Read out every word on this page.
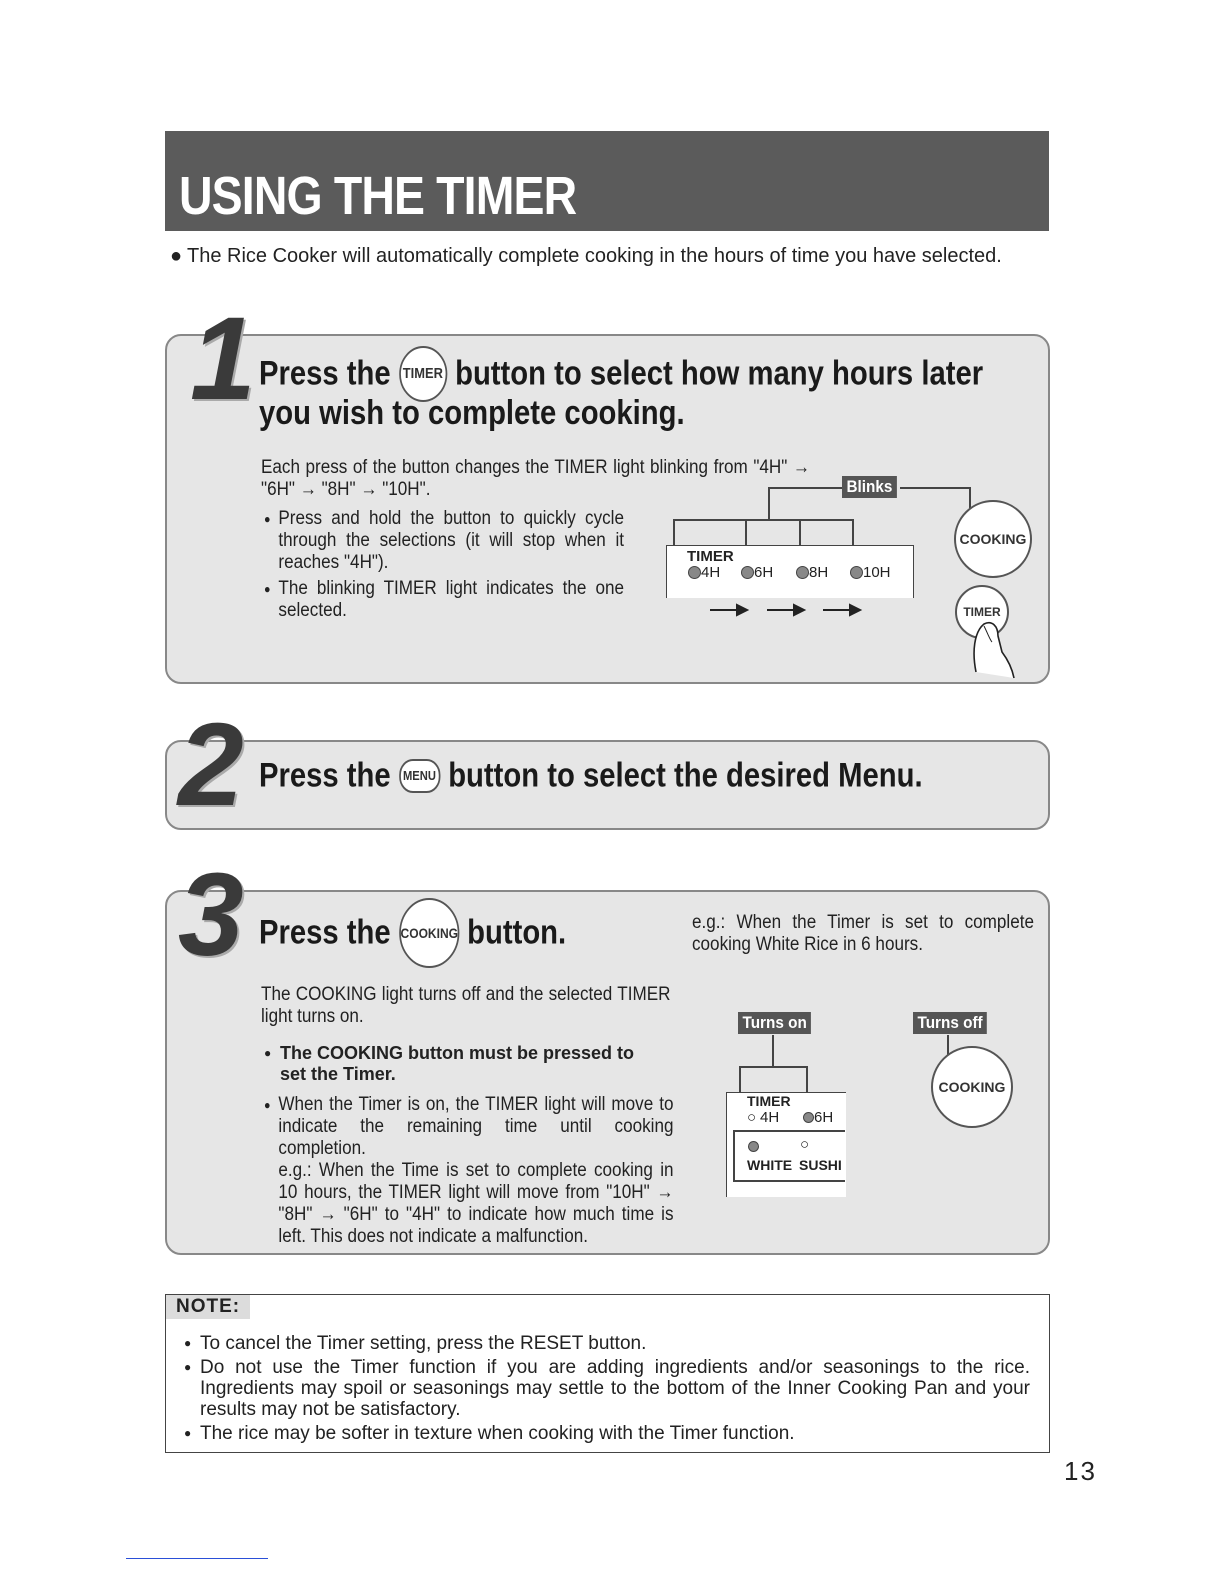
USING THE TIMER
● The Rice Cooker will automatically complete cooking in the hours of time you have selected.
1 Press the TIMER button to select how many hours later
you wish to complete cooking.
Each press of the button changes the TIMER light blinking from "4H" → "6H" → "8H" → "10H".
● Press and hold the button to quickly cycle through the selections (it will stop when it reaches "4H").
● The blinking TIMER light indicates the one selected.
Blinks
TIMER
4H 6H 8H 10H
COOKING
TIMER
2 Press the MENU button to select the desired Menu.
3 Press the COOKING button.	e.g.: When the Timer is set to complete cooking White Rice in 6 hours.
The COOKING light turns off and the selected TIMER light turns on.
● The COOKING button must be pressed to set the Timer.
● When the Timer is on, the TIMER light will move to indicate the remaining time until cooking completion.
e.g.: When the Time is set to complete cooking in 10 hours, the TIMER light will move from "10H" → "8H" → "6H" to "4H" to indicate how much time is left. This does not indicate a malfunction.
Turns on	Turns off
TIMER
○ 4H 6H
○
WHITE SUSHI
COOKING
NOTE:
● To cancel the Timer setting, press the RESET button.
● Do not use the Timer function if you are adding ingredients and/or seasonings to the rice. Ingredients may spoil or seasonings may settle to the bottom of the Inner Cooking Pan and your results may not be satisfactory.
● The rice may be softer in texture when cooking with the Timer function.
13
